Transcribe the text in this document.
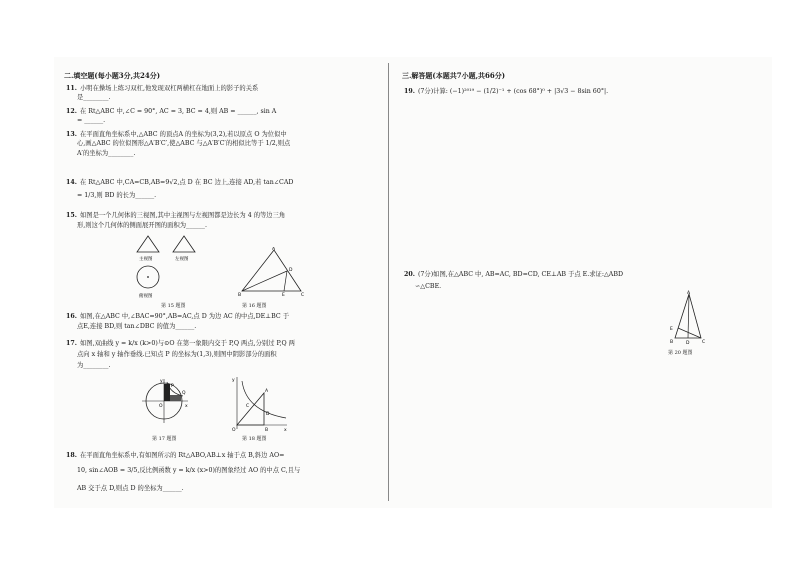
二.填空题(每小题3分,共24分)
11. 小明在操场上练习双杠,他发现双杠两横杠在地面上的影子的关系
是________.
12. 在 Rt△ABC 中,∠C = 90°, AC = 3, BC = 4,则 AB = ______, sin A
= ______.
13. 在平面直角坐标系中,△ABC 的顶点A 的坐标为(3,2),若以原点 O 为位似中
心,画△ABC 的位似图形△A′B′C′,使△ABC 与△A′B′C′的相似比等于 1/2,则点
A′的坐标为________.
14. 在 Rt△ABC 中,CA=CB,AB=9√2,点 D 在 BC 边上,连接 AD,若 tan∠CAD
= 1/3,则 BD 的长为______.
15. 如图是一个几何体的三视图,其中主视图与左视图都是边长为 4 的等边三角
形,则这个几何体的侧面展开图的面积为______.
主视图	左视图
俯视图
第 15 题图
A
B	C
D
E
第 16 题图
16. 如图,在△ABC 中,∠BAC=90°,AB=AC,点 D 为边 AC 的中点,DE⊥BC 于
点E,连接 BD,则 tan∠DBC 的值为______.
17. 如图,双曲线 y = k/x (k>0)与⊙O 在第一象限内交于 P,Q 两点,分别过 P,Q 两
点向 x 轴和 y 轴作垂线.已知点 P 的坐标为(1,3),则图中阴影部分的面积
为________.
y
x
O
P
Q
第 17 题图
y
x
O
A
B
D
C
第 18 题图
18. 在平面直角坐标系中,有如图所示的 Rt△ABO,AB⊥x 轴于点 B,斜边 AO=
10, sin∠AOB = 3/5,反比例函数 y = k/x (x>0)的图象经过 AO 的中点 C,且与
AB 交于点 D,则点 D 的坐标为______.
三.解答题(本题共7小题,共66分)
19. (7分)计算: (−1)²⁰¹⁹ − (1/2)⁻¹ + (cos 68°)⁰ + |3√3 − 8sin 60°|.
20. (7分)如图,在△ABC 中, AB=AC, BD=CD, CE⊥AB 于点 E.求证:△ABD
∽△CBE.
A
E
B	D	C
第 20 题图
